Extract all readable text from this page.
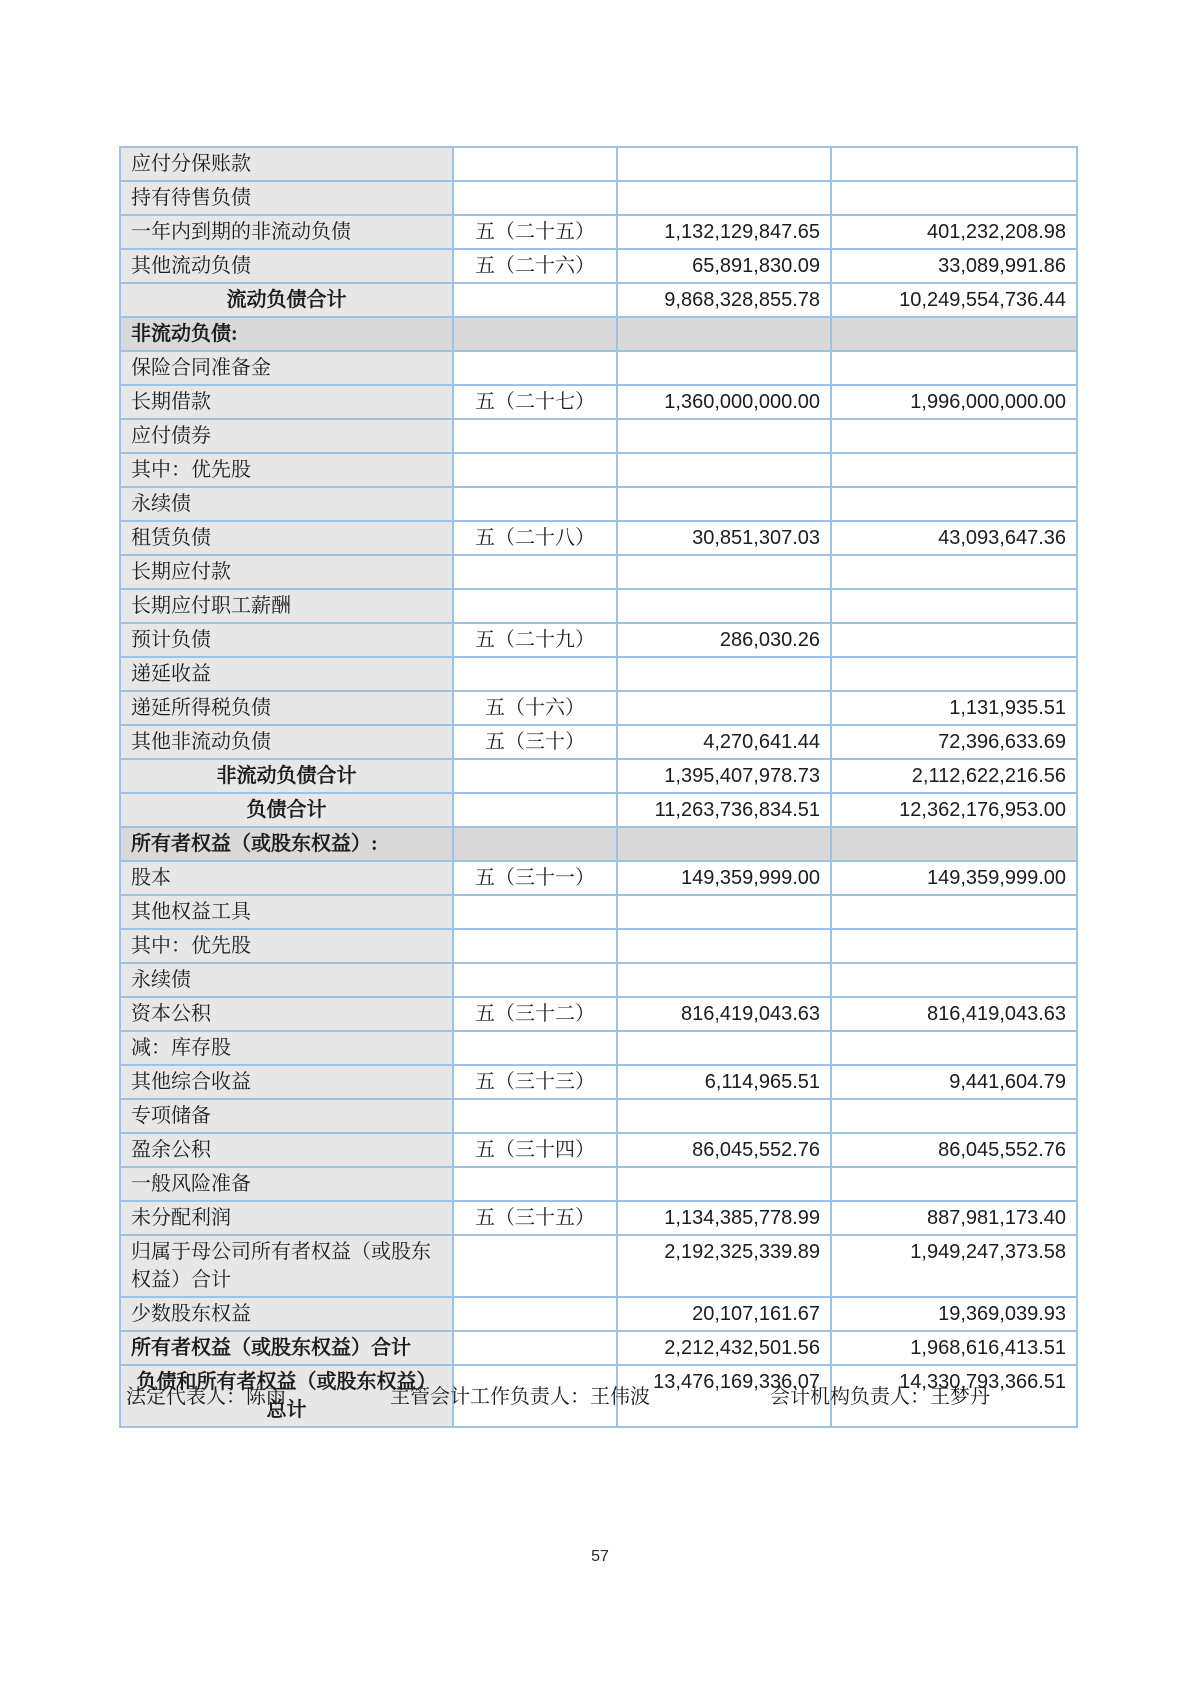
应付分保账款			
持有待售负债			
一年内到期的非流动负债	五（二十五）	1,132,129,847.65	401,232,208.98
其他流动负债	五（二十六）	65,891,830.09	33,089,991.86
流动负债合计		9,868,328,855.78	10,249,554,736.44
非流动负债:			
保险合同准备金			
长期借款	五（二十七）	1,360,000,000.00	1,996,000,000.00
应付债券			
其中：优先股			
永续债			
租赁负债	五（二十八）	30,851,307.03	43,093,647.36
长期应付款			
长期应付职工薪酬			
预计负债	五（二十九）	286,030.26	
递延收益			
递延所得税负债	五（十六）		1,131,935.51
其他非流动负债	五（三十）	4,270,641.44	72,396,633.69
非流动负债合计		1,395,407,978.73	2,112,622,216.56
负债合计		11,263,736,834.51	12,362,176,953.00
所有者权益（或股东权益）:			
股本	五（三十一）	149,359,999.00	149,359,999.00
其他权益工具			
其中：优先股			
永续债			
资本公积	五（三十二）	816,419,043.63	816,419,043.63
减：库存股			
其他综合收益	五（三十三）	6,114,965.51	9,441,604.79
专项储备			
盈余公积	五（三十四）	86,045,552.76	86,045,552.76
一般风险准备			
未分配利润	五（三十五）	1,134,385,778.99	887,981,173.40
归属于母公司所有者权益（或股东权益）合计		2,192,325,339.89	1,949,247,373.58
少数股东权益		20,107,161.67	19,369,039.93
所有者权益（或股东权益）合计		2,212,432,501.56	1,968,616,413.51
负债和所有者权益（或股东权益）总计		13,476,169,336.07	14,330,793,366.51
法定代表人：陈雨	主管会计工作负责人：王伟波	会计机构负责人：王梦丹
57
